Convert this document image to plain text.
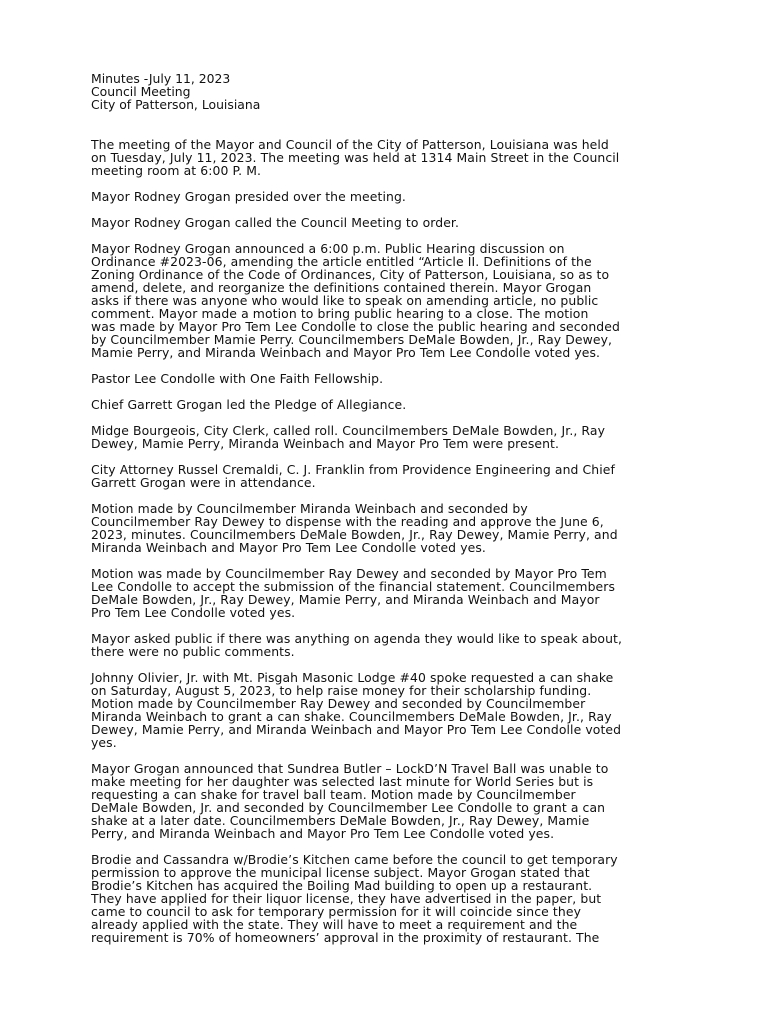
Minutes -July 11, 2023
Council Meeting
City of Patterson, Louisiana

The meeting of the Mayor and Council of the City of Patterson, Louisiana was held
on Tuesday, July 11, 2023. The meeting was held at 1314 Main Street in the Council
meeting room at 6:00 P. M.

Mayor Rodney Grogan presided over the meeting.

Mayor Rodney Grogan called the Council Meeting to order.

Mayor Rodney Grogan announced a 6:00 p.m. Public Hearing discussion on
Ordinance #2023-06, amending the article entitled “Article II. Definitions of the
Zoning Ordinance of the Code of Ordinances, City of Patterson, Louisiana, so as to
amend, delete, and reorganize the definitions contained therein. Mayor Grogan
asks if there was anyone who would like to speak on amending article, no public
comment. Mayor made a motion to bring public hearing to a close. The motion
was made by Mayor Pro Tem Lee Condolle to close the public hearing and seconded
by Councilmember Mamie Perry. Councilmembers DeMale Bowden, Jr., Ray Dewey,
Mamie Perry, and Miranda Weinbach and Mayor Pro Tem Lee Condolle voted yes.

Pastor Lee Condolle with One Faith Fellowship.

Chief Garrett Grogan led the Pledge of Allegiance.

Midge Bourgeois, City Clerk, called roll. Councilmembers DeMale Bowden, Jr., Ray
Dewey, Mamie Perry, Miranda Weinbach and Mayor Pro Tem were present.

City Attorney Russel Cremaldi, C. J. Franklin from Providence Engineering and Chief
Garrett Grogan were in attendance.

Motion made by Councilmember Miranda Weinbach and seconded by
Councilmember Ray Dewey to dispense with the reading and approve the June 6,
2023, minutes. Councilmembers DeMale Bowden, Jr., Ray Dewey, Mamie Perry, and
Miranda Weinbach and Mayor Pro Tem Lee Condolle voted yes.

Motion was made by Councilmember Ray Dewey and seconded by Mayor Pro Tem
Lee Condolle to accept the submission of the financial statement. Councilmembers
DeMale Bowden, Jr., Ray Dewey, Mamie Perry, and Miranda Weinbach and Mayor
Pro Tem Lee Condolle voted yes.

Mayor asked public if there was anything on agenda they would like to speak about,
there were no public comments.

Johnny Olivier, Jr. with Mt. Pisgah Masonic Lodge #40 spoke requested a can shake
on Saturday, August 5, 2023, to help raise money for their scholarship funding.
Motion made by Councilmember Ray Dewey and seconded by Councilmember
Miranda Weinbach to grant a can shake. Councilmembers DeMale Bowden, Jr., Ray
Dewey, Mamie Perry, and Miranda Weinbach and Mayor Pro Tem Lee Condolle voted
yes.

Mayor Grogan announced that Sundrea Butler – LockD’N Travel Ball was unable to
make meeting for her daughter was selected last minute for World Series but is
requesting a can shake for travel ball team. Motion made by Councilmember
DeMale Bowden, Jr. and seconded by Councilmember Lee Condolle to grant a can
shake at a later date. Councilmembers DeMale Bowden, Jr., Ray Dewey, Mamie
Perry, and Miranda Weinbach and Mayor Pro Tem Lee Condolle voted yes.

Brodie and Cassandra w/Brodie’s Kitchen came before the council to get temporary
permission to approve the municipal license subject. Mayor Grogan stated that
Brodie’s Kitchen has acquired the Boiling Mad building to open up a restaurant.
They have applied for their liquor license, they have advertised in the paper, but
came to council to ask for temporary permission for it will coincide since they
already applied with the state. They will have to meet a requirement and the
requirement is 70% of homeowners’ approval in the proximity of restaurant. The
